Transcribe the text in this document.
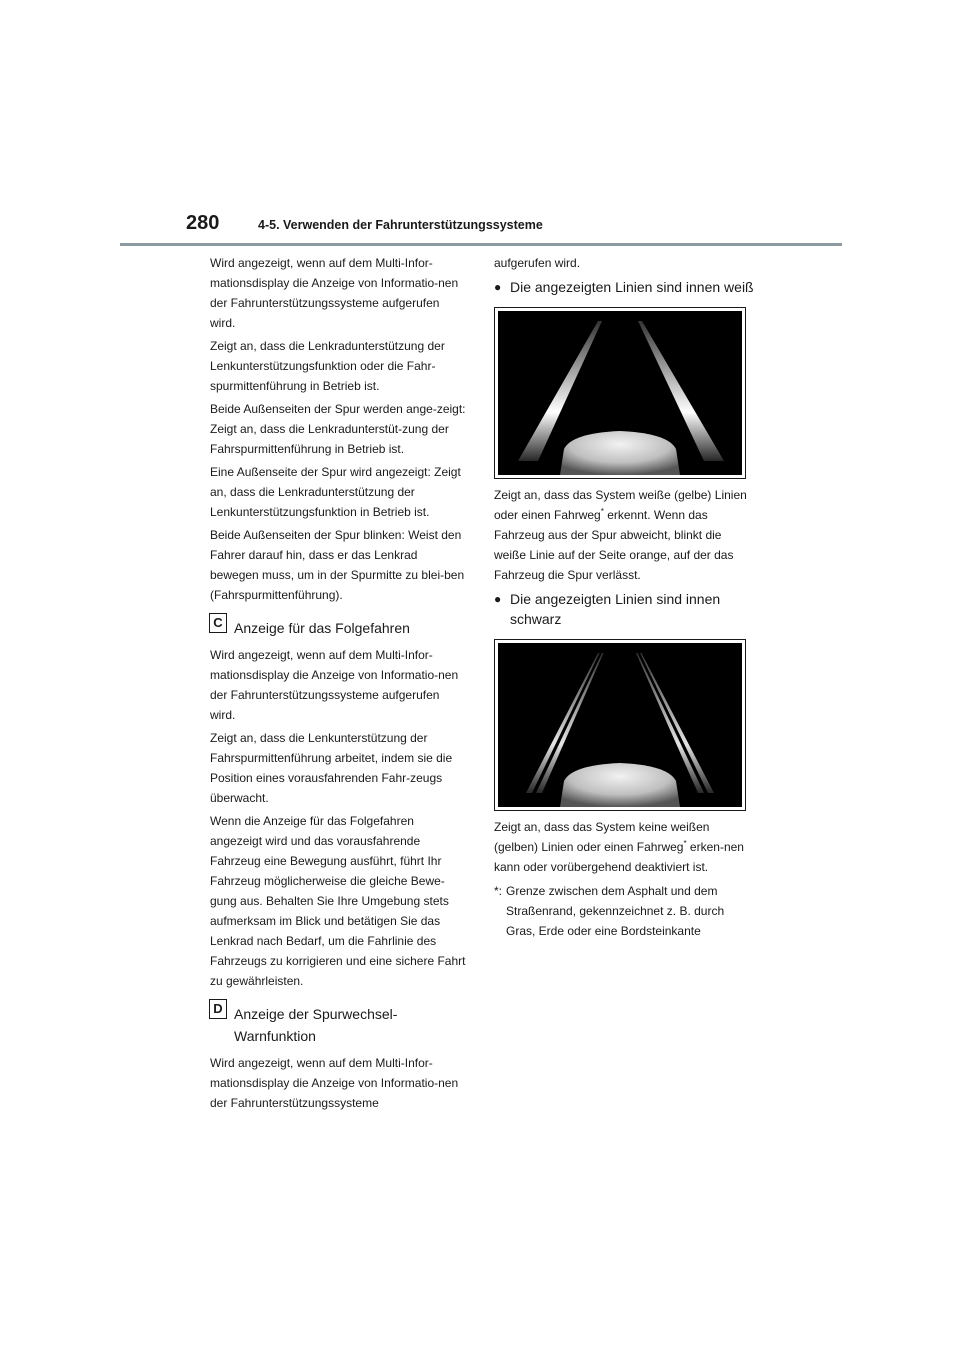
280	4-5. Verwenden der Fahrunterstützungssysteme

Wird angezeigt, wenn auf dem Multi-Infor-mationsdisplay die Anzeige von Informatio-nen der Fahrunterstützungssysteme aufgerufen wird.

Zeigt an, dass die Lenkradunterstützung der Lenkunterstützungsfunktion oder die Fahr-spurmittenführung in Betrieb ist.

Beide Außenseiten der Spur werden ange-zeigt: Zeigt an, dass die Lenkradunterstüt-zung der Fahrspurmittenführung in Betrieb ist.

Eine Außenseite der Spur wird angezeigt: Zeigt an, dass die Lenkradunterstützung der Lenkunterstützungsfunktion in Betrieb ist.

Beide Außenseiten der Spur blinken: Weist den Fahrer darauf hin, dass er das Lenkrad bewegen muss, um in der Spurmitte zu blei-ben (Fahrspurmittenführung).

C Anzeige für das Folgefahren

Wird angezeigt, wenn auf dem Multi-Infor-mationsdisplay die Anzeige von Informatio-nen der Fahrunterstützungssysteme aufgerufen wird.

Zeigt an, dass die Lenkunterstützung der Fahrspurmittenführung arbeitet, indem sie die Position eines vorausfahrenden Fahr-zeugs überwacht.

Wenn die Anzeige für das Folgefahren angezeigt wird und das vorausfahrende Fahrzeug eine Bewegung ausführt, führt Ihr Fahrzeug möglicherweise die gleiche Bewe-gung aus. Behalten Sie Ihre Umgebung stets aufmerksam im Blick und betätigen Sie das Lenkrad nach Bedarf, um die Fahrlinie des Fahrzeugs zu korrigieren und eine sichere Fahrt zu gewährleisten.

D Anzeige der Spurwechsel-Warnfunktion

Wird angezeigt, wenn auf dem Multi-Infor-mationsdisplay die Anzeige von Informatio-nen der Fahrunterstützungssysteme

aufgerufen wird.

● Die angezeigten Linien sind innen weiß
Zeigt an, dass das System weiße (gelbe) Linien oder einen Fahrweg* erkennt. Wenn das Fahrzeug aus der Spur abweicht, blinkt die weiße Linie auf der Seite orange, auf der das Fahrzeug die Spur verlässt.
● Die angezeigten Linien sind innen schwarz
Zeigt an, dass das System keine weißen (gelben) Linien oder einen Fahrweg* erken-nen kann oder vorübergehend deaktiviert ist.
*: Grenze zwischen dem Asphalt und dem Straßenrand, gekennzeichnet z. B. durch Gras, Erde oder eine Bordsteinkante
